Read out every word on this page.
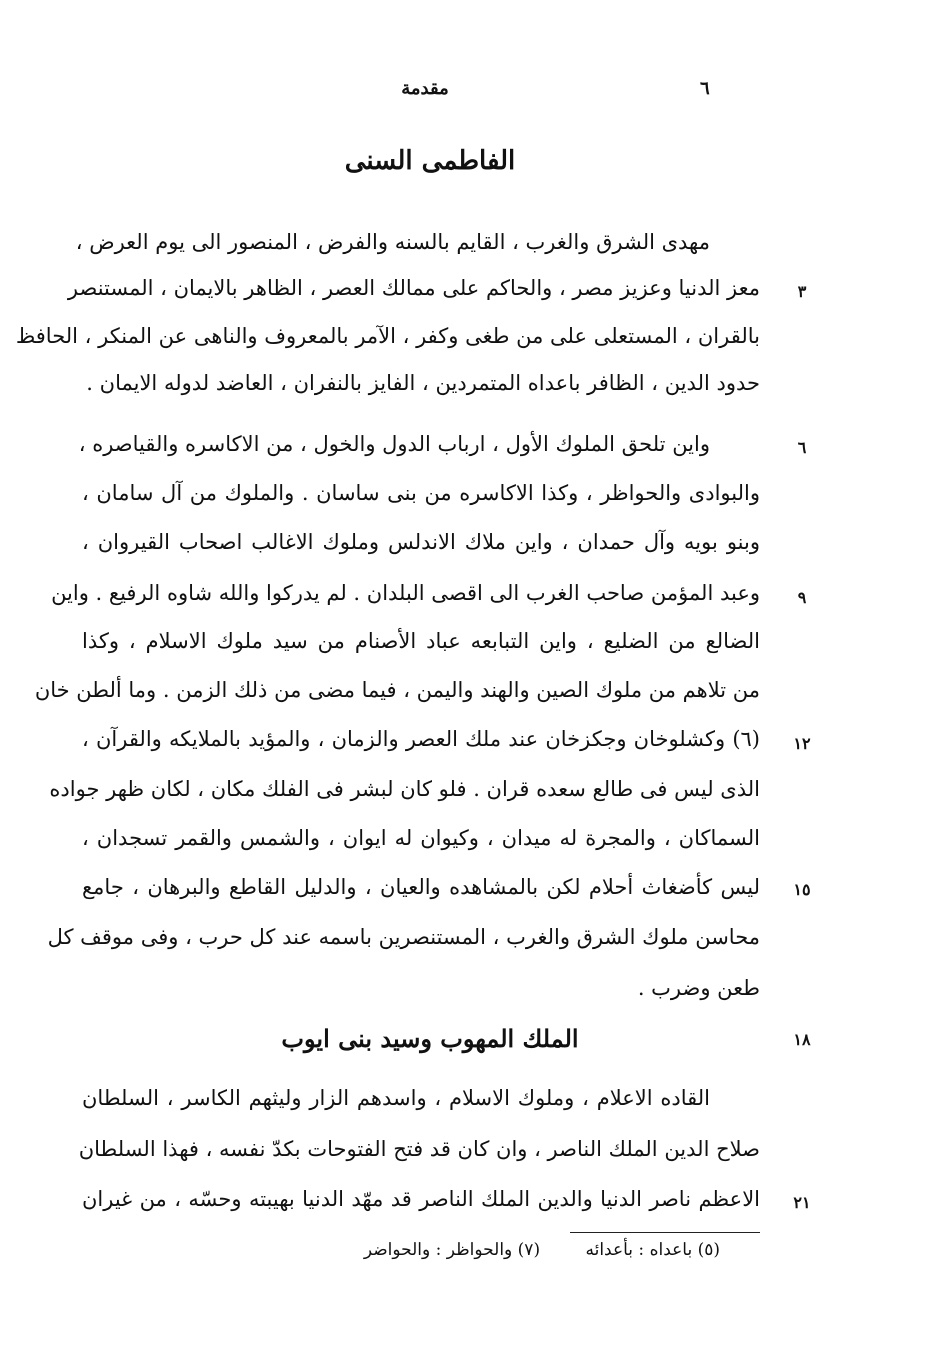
٦
مقدمة
الفاطمى السنى
مهدى الشرق والغرب ، القايم بالسنه والفرض ، المنصور الى يوم العرض ،
معز الدنيا وعزيز مصر ، والحاكم على ممالك العصر ، الظاهر بالايمان ، المستنصر
بالقران ، المستعلى على من طغى وكفر ، الآمر بالمعروف والناهى عن المنكر ، الحافظ
حدود الدين ، الظافر باعداه المتمردين ، الفايز بالنفران ، العاضد لدوله الايمان .
واين تلحق الملوك الأول ، ارباب الدول والخول ، من الاكاسره والقياصره ،
والبوادى والحواظر ، وكذا الاكاسره من بنى ساسان . والملوك من آل سامان ،
وبنو بويه وآل حمدان ، واين ملاك الاندلس وملوك الاغالب اصحاب القيروان ،
وعبد المؤمن صاحب الغرب الى اقصى البلدان . لم يدركوا والله شاوه الرفيع . واين
الضالع من الضليع ، واين التبابعه عباد الأصنام من سيد ملوك الاسلام ، وكذا
من تلاهم من ملوك الصين والهند واليمن ، فيما مضى من ذلك الزمن . وما ألطن خان
(٦) وكشلوخان وجكزخان عند ملك العصر والزمان ، والمؤيد بالملايكه والقرآن ،
الذى ليس فى طالع سعده قران . فلو كان لبشر فى الفلك مكان ، لكان ظهر جواده
السماكان ، والمجرة له ميدان ، وكيوان له ايوان ، والشمس والقمر تسجدان ،
ليس كأضغاث أحلام لكن بالمشاهده والعيان ، والدليل القاطع والبرهان ، جامع
محاسن ملوك الشرق والغرب ، المستنصرين باسمه عند كل حرب ، وفى موقف كل
طعن وضرب .
الملك المهوب وسيد بنى ايوب
القاده الاعلام ، وملوك الاسلام ، واسدهم الزار وليثهم الكاسر ، السلطان
صلاح الدين الملك الناصر ، وان كان قد فتح الفتوحات بكدّ نفسه ، فهذا السلطان
الاعظم ناصر الدنيا والدين الملك الناصر قد مهّد الدنيا بهيبته وحسّه ، من غيران
٣
٦
٩
١٢
١٥
١٨
٢١
(٥) باعداه : بأعدائه (٧) والحواظر : والحواضر
